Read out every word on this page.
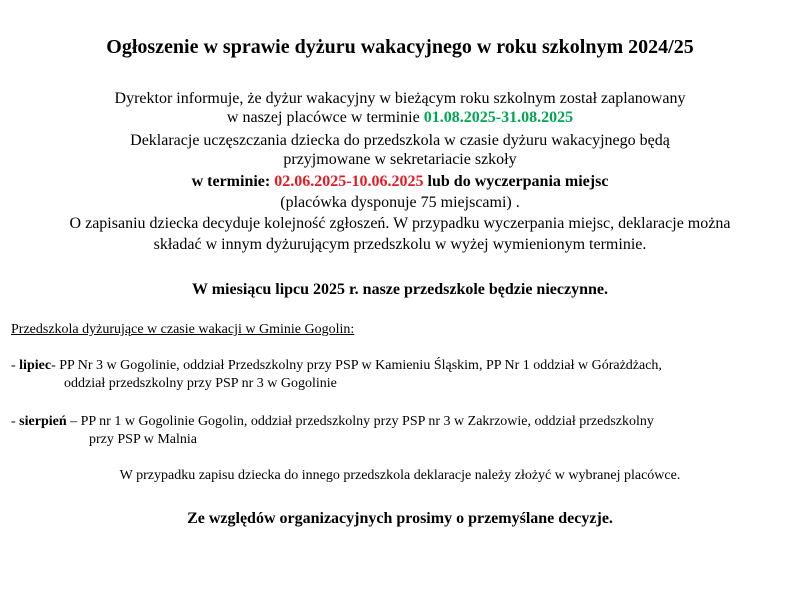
Ogłoszenie w sprawie dyżuru wakacyjnego w roku szkolnym 2024/25
Dyrektor informuje, że dyżur wakacyjny w bieżącym roku szkolnym został zaplanowany
w naszej placówce w terminie 01.08.2025-31.08.2025
Deklaracje uczęszczania dziecka do przedszkola w czasie dyżuru wakacyjnego będą
przyjmowane w sekretariacie szkoły
w terminie: 02.06.2025-10.06.2025 lub do wyczerpania miejsc
(placówka dysponuje 75 miejscami) .
O zapisaniu dziecka decyduje kolejność zgłoszeń. W przypadku wyczerpania miejsc, deklaracje można
składać w innym dyżurującym przedszkolu w wyżej wymienionym terminie.
W miesiącu lipcu 2025 r. nasze przedszkole będzie nieczynne.
Przedszkola dyżurujące w czasie wakacji w Gminie Gogolin:
- lipiec- PP Nr 3 w Gogolinie, oddział Przedszkolny przy PSP w Kamieniu Śląskim, PP Nr 1 oddział w Górażdżach,
oddział przedszkolny przy PSP nr 3 w Gogolinie
- sierpień – PP nr 1 w Gogolinie Gogolin, oddział przedszkolny przy PSP nr 3 w Zakrzowie, oddział przedszkolny
przy PSP w Malnia
W przypadku zapisu dziecka do innego przedszkola deklaracje należy złożyć w wybranej placówce.
Ze względów organizacyjnych prosimy o przemyślane decyzje.
